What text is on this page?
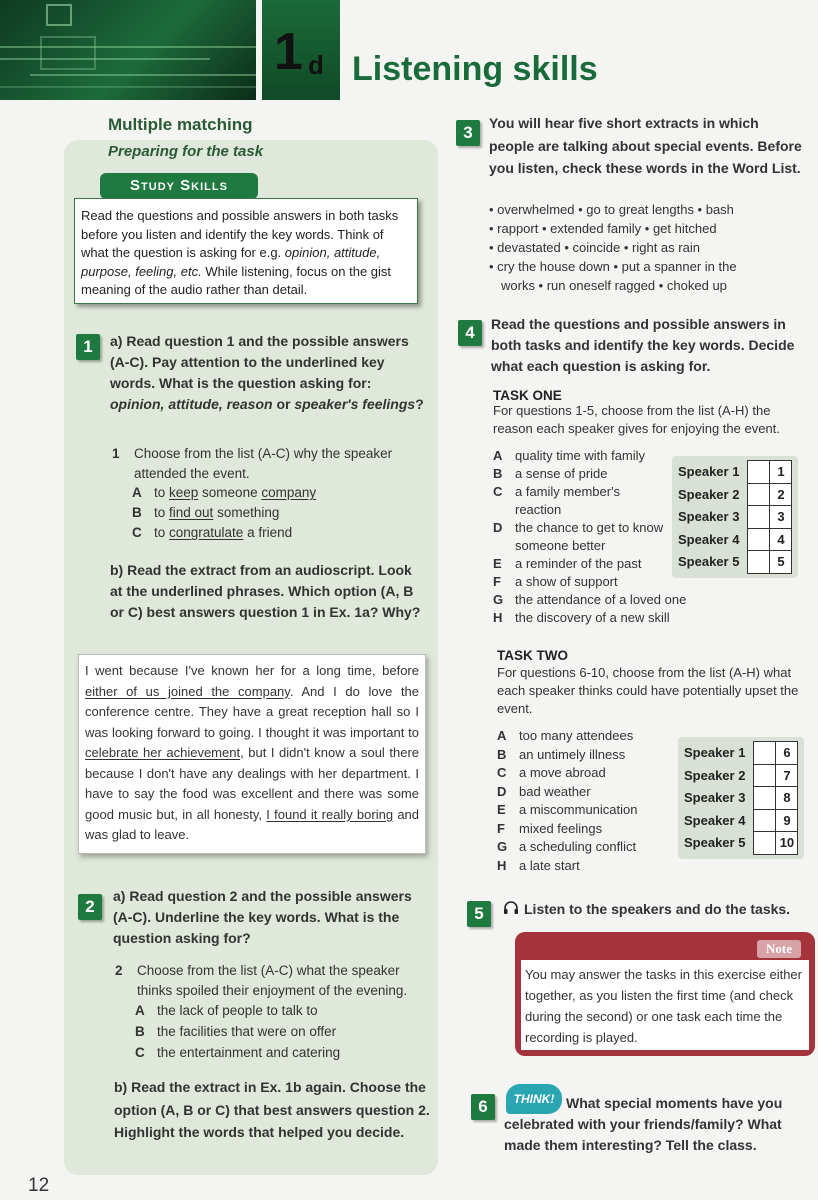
1 d Listening skills
Multiple matching
Preparing for the task
Study Skills
Read the questions and possible answers in both tasks before you listen and identify the key words. Think of what the question is asking for e.g. opinion, attitude, purpose, feeling, etc. While listening, focus on the gist meaning of the audio rather than detail.
1	a) Read question 1 and the possible answers (A-C). Pay attention to the underlined key words. What is the question asking for: opinion, attitude, reason or speaker's feelings?
1	Choose from the list (A-C) why the speaker attended the event.
A to keep someone company
B to find out something
C to congratulate a friend
b) Read the extract from an audioscript. Look at the underlined phrases. Which option (A, B or C) best answers question 1 in Ex. 1a? Why?
I went because I've known her for a long time, before either of us joined the company. And I do love the conference centre. They have a great reception hall so I was looking forward to going. I thought it was important to celebrate her achievement, but I didn't know a soul there because I don't have any dealings with her department. I have to say the food was excellent and there was some good music but, in all honesty, I found it really boring and was glad to leave.
2
a) Read question 2 and the possible answers (A-C). Underline the key words. What is the question asking for?
2	Choose from the list (A-C) what the speaker thinks spoiled their enjoyment of the evening.
A the lack of people to talk to
B the facilities that were on offer
C the entertainment and catering
b) Read the extract in Ex. 1b again. Choose the option (A, B or C) that best answers question 2. Highlight the words that helped you decide.
12
3	You will hear five short extracts in which people are talking about special events. Before you listen, check these words in the Word List.
• overwhelmed • go to great lengths • bash
• rapport • extended family • get hitched
• devastated • coincide • right as rain
• cry the house down • put a spanner in the
works • run oneself ragged • choked up
4	Read the questions and possible answers in both tasks and identify the key words. Decide what each question is asking for.
TASK ONE
For questions 1-5, choose from the list (A-H) the reason each speaker gives for enjoying the event.
A quality time with family
B a sense of pride
C a family member's reaction
D the chance to get to know someone better
E	a reminder of the past
F	a show of support
G the attendance of a loved one
H the discovery of a new skill
Speaker 1		1
Speaker 2		2
Speaker 3		3
Speaker 4		4
Speaker 5		5
TASK TWO
For questions 6-10, choose from the list (A-H) what each speaker thinks could have potentially upset the event.
A too many attendees
B an untimely illness
C a move abroad
D bad weather
E	a miscommunication
F	mixed feelings
G a scheduling conflict
H a late start
Speaker 1		6
Speaker 2		7
Speaker 3		8
Speaker 4		9
Speaker 5		10
5	Listen to the speakers and do the tasks.
Note
You may answer the tasks in this exercise either together, as you listen the first time (and check during the second) or one task each time the recording is played.
6	THINK! What special moments have you celebrated with your friends/family? What made them interesting? Tell the class.
